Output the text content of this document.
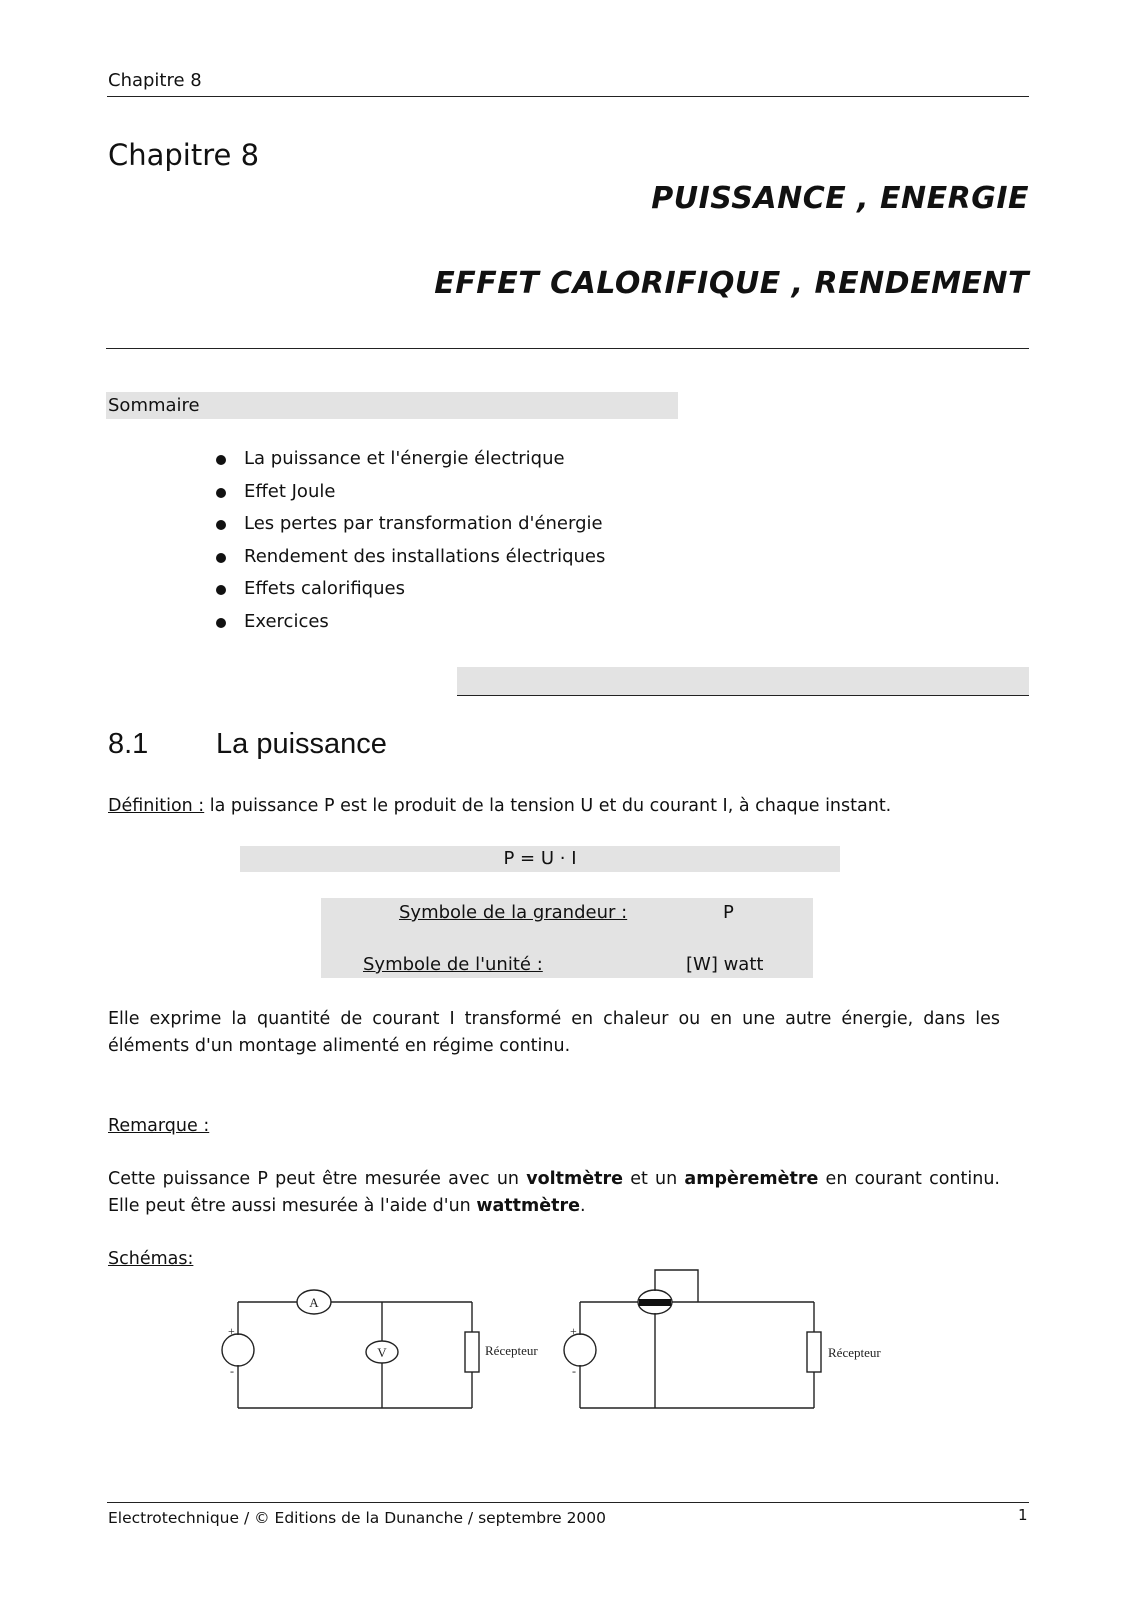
Chapitre 8
Chapitre 8
PUISSANCE , ENERGIE
EFFET CALORIFIQUE , RENDEMENT
Sommaire
La puissance et l'énergie électrique
Effet Joule
Les pertes par transformation d'énergie
Rendement des installations électriques
Effets calorifiques
Exercices
8.1 La puissance
Définition : la puissance P est le produit de la tension U et du courant I, à chaque instant.
P = U · I
Symbole de la grandeur :	P
Symbole de l'unité :	[W] watt
Elle exprime la quantité de courant I transformé en chaleur ou en une autre énergie, dans les éléments d'un montage alimenté en régime continu.
Remarque :
Cette puissance P peut être mesurée avec un voltmètre et un ampèremètre en courant continu. Elle peut être aussi mesurée à l'aide d'un wattmètre.
Schémas:
A
V
+
-
Récepteur
+
-
Récepteur
Electrotechnique / © Editions de la Dunanche / septembre 2000	1
